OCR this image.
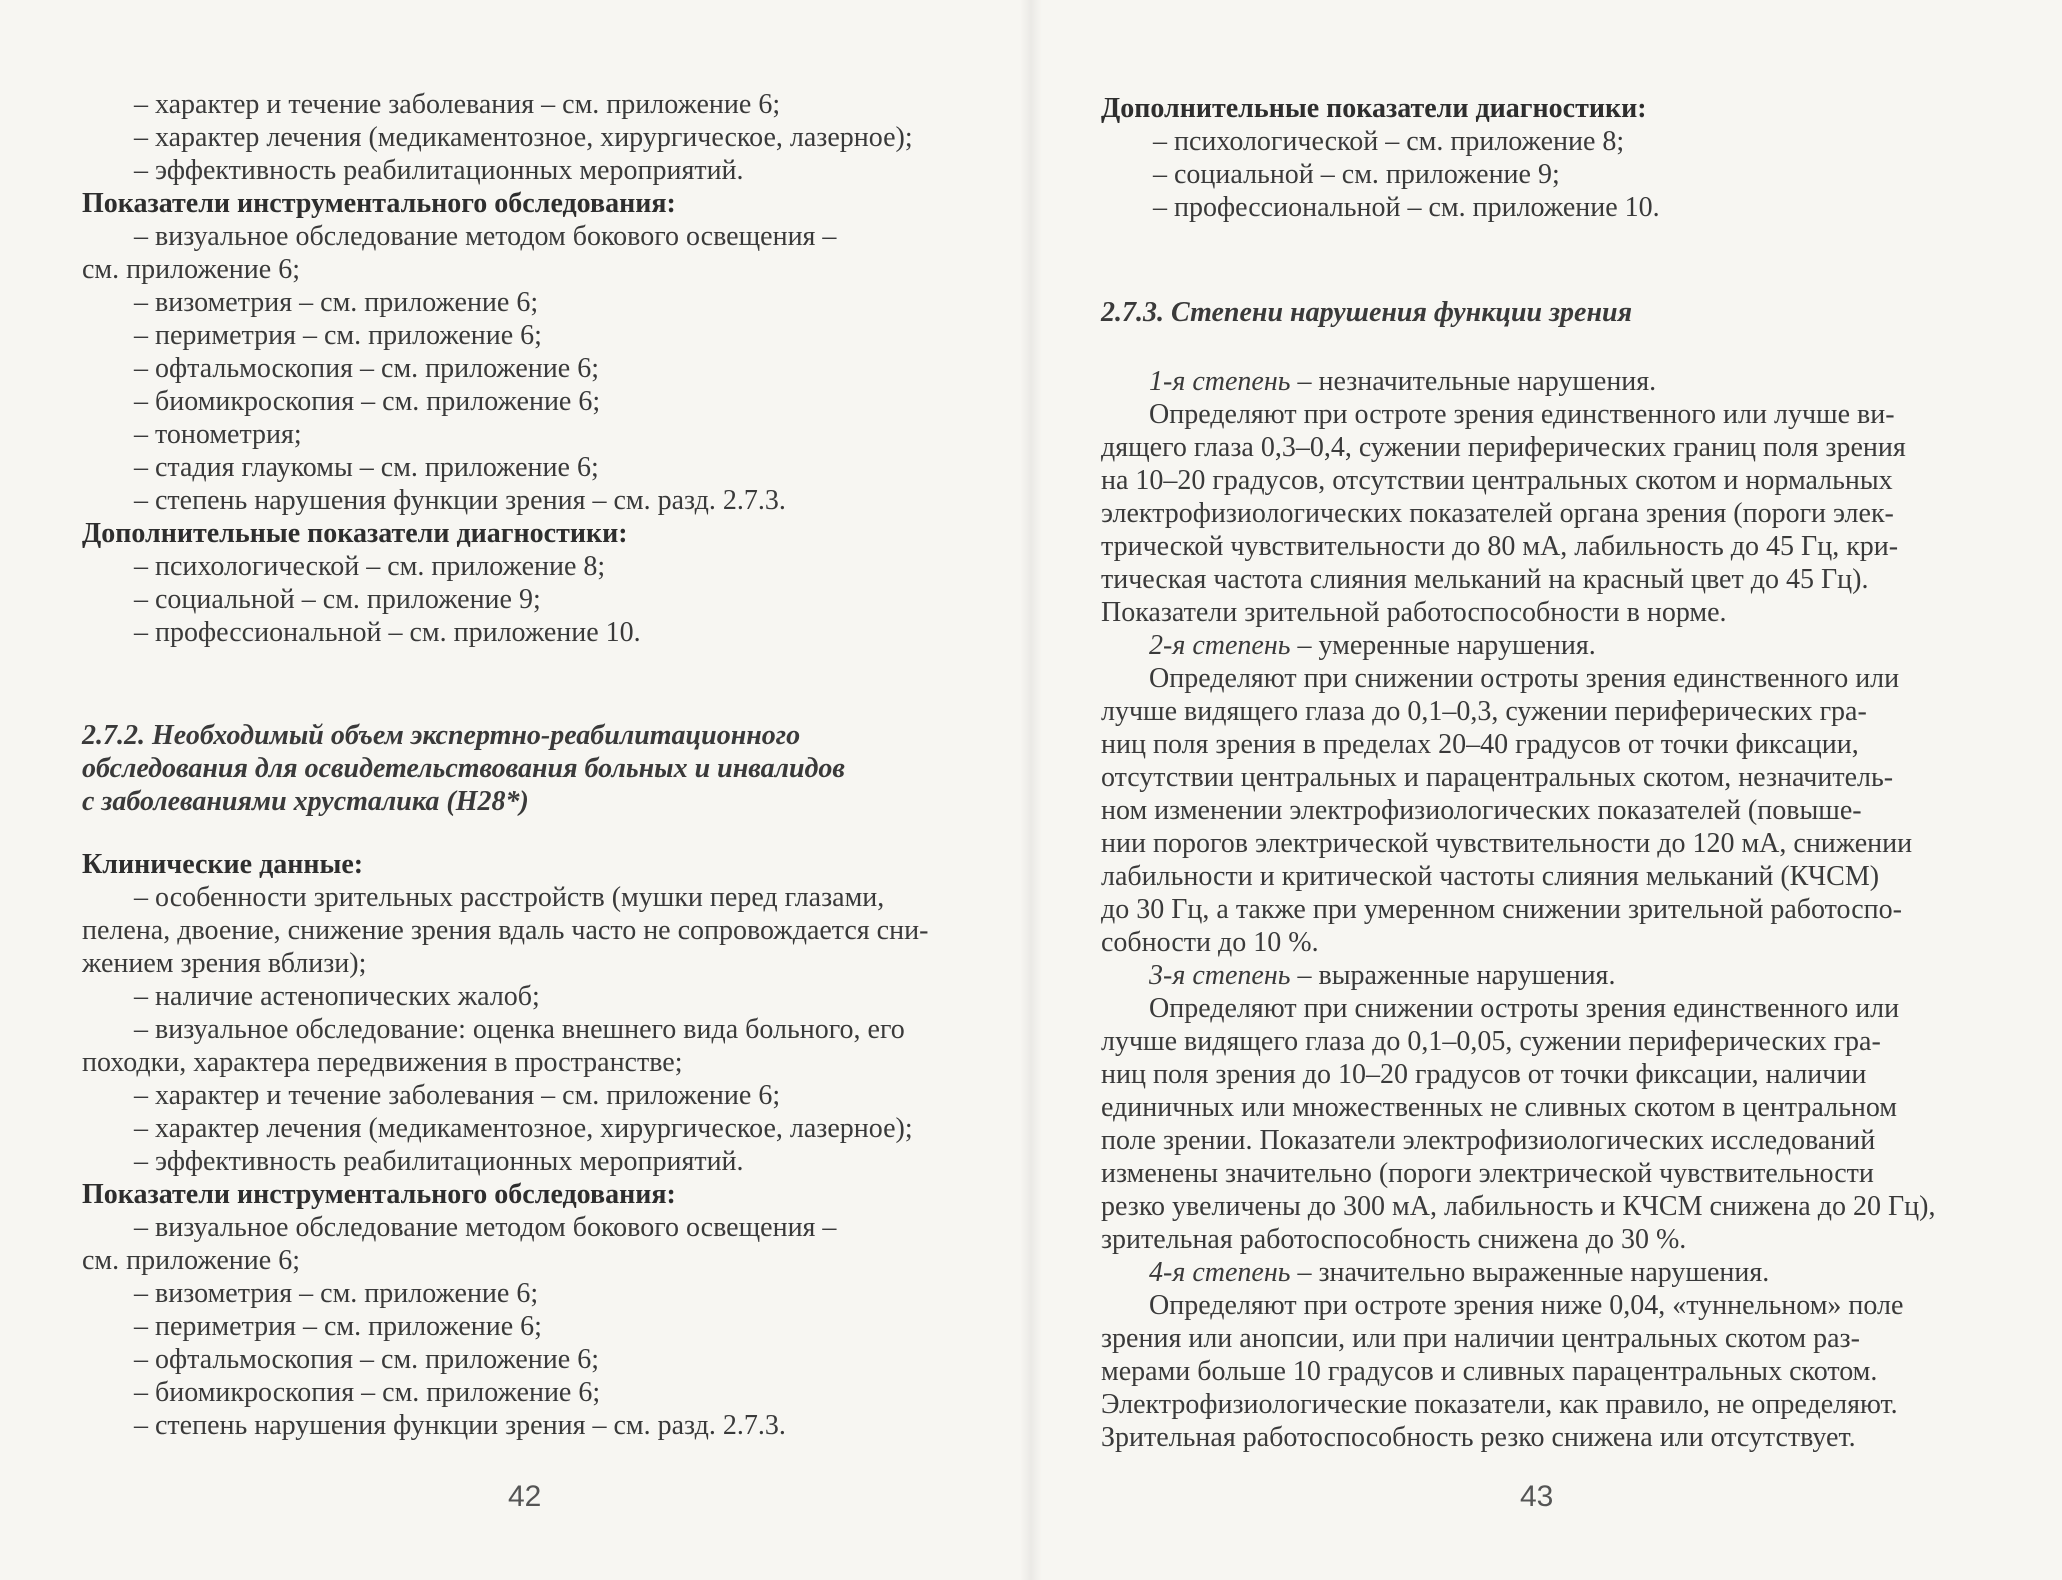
– характер и течение заболевания – см. приложение 6;

– характер лечения (медикаментозное, хирургическое, лазерное);

– эффективность реабилитационных мероприятий.

Показатели инструментального обследования:

– визуальное обследование методом бокового освещения –

см. приложение 6;

– визометрия – см. приложение 6;

– периметрия – см. приложение 6;

– офтальмоскопия – см. приложение 6;

– биомикроскопия – см. приложение 6;

– тонометрия;

– стадия глаукомы – см. приложение 6;

– степень нарушения функции зрения – см. разд. 2.7.3.

Дополнительные показатели диагностики:

– психологической – см. приложение 8;

– социальной – см. приложение 9;

– профессиональной – см. приложение 10.

2.7.2. Необходимый объем экспертно-реабилитационного

обследования для освидетельствования больных и инвалидов

с заболеваниями хрусталика (H28*)

Клинические данные:

– особенности зрительных расстройств (мушки перед глазами,

пелена, двоение, снижение зрения вдаль часто не сопровождается сни-

жением зрения вблизи);

– наличие астенопических жалоб;

– визуальное обследование: оценка внешнего вида больного, его

походки, характера передвижения в пространстве;

– характер и течение заболевания – см. приложение 6;

– характер лечения (медикаментозное, хирургическое, лазерное);

– эффективность реабилитационных мероприятий.

Показатели инструментального обследования:

– визуальное обследование методом бокового освещения –

см. приложение 6;

– визометрия – см. приложение 6;

– периметрия – см. приложение 6;

– офтальмоскопия – см. приложение 6;

– биомикроскопия – см. приложение 6;

– степень нарушения функции зрения – см. разд. 2.7.3.

Дополнительные показатели диагностики:

– психологической – см. приложение 8;

– социальной – см. приложение 9;

– профессиональной – см. приложение 10.

2.7.3. Степени нарушения функции зрения

1-я степень – незначительные нарушения.

Определяют при остроте зрения единственного или лучше ви-

дящего глаза 0,3–0,4, сужении периферических границ поля зрения

на 10–20 градусов, отсутствии центральных скотом и нормальных

электрофизиологических показателей органа зрения (пороги элек-

трической чувствительности до 80 мА, лабильность до 45 Гц, кри-

тическая частота слияния мельканий на красный цвет до 45 Гц).

Показатели зрительной работоспособности в норме.

2-я степень – умеренные нарушения.

Определяют при снижении остроты зрения единственного или

лучше видящего глаза до 0,1–0,3, сужении периферических гра-

ниц поля зрения в пределах 20–40 градусов от точки фиксации,

отсутствии центральных и парацентральных скотом, незначитель-

ном изменении электрофизиологических показателей (повыше-

нии порогов электрической чувствительности до 120 мА, снижении

лабильности и критической частоты слияния мельканий (КЧСМ)

до 30 Гц, а также при умеренном снижении зрительной работоспо-

собности до 10 %.

3-я степень – выраженные нарушения.

Определяют при снижении остроты зрения единственного или

лучше видящего глаза до 0,1–0,05, сужении периферических гра-

ниц поля зрения до 10–20 градусов от точки фиксации, наличии

единичных или множественных не сливных скотом в центральном

поле зрении. Показатели электрофизиологических исследований

изменены значительно (пороги электрической чувствительности

резко увеличены до 300 мА, лабильность и КЧСМ снижена до 20 Гц),

зрительная работоспособность снижена до 30 %.

4-я степень – значительно выраженные нарушения.

Определяют при остроте зрения ниже 0,04, «туннельном» поле

зрения или анопсии, или при наличии центральных скотом раз-

мерами больше 10 градусов и сливных парацентральных скотом.

Электрофизиологические показатели, как правило, не определяют.

Зрительная работоспособность резко снижена или отсутствует.

42	43
